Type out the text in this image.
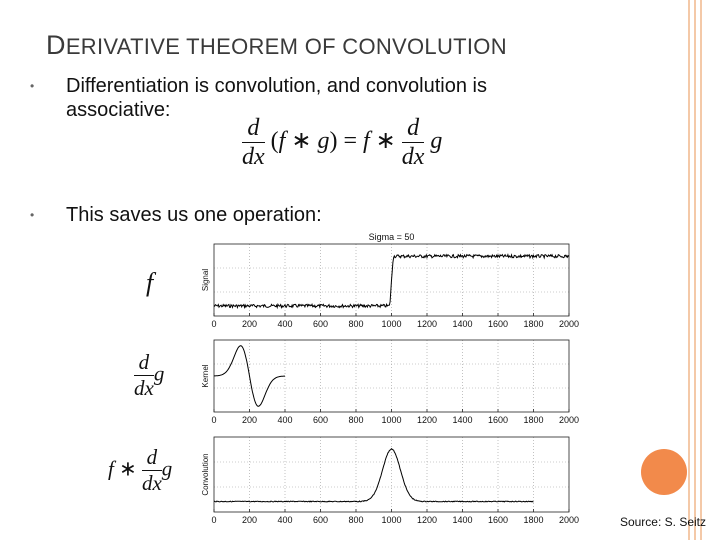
DERIVATIVE THEOREM OF CONVOLUTION
• Differentiation is convolution, and convolution is
associative:
$\frac{d}{dx} (f$ ∗ g) = f ∗ $\frac{d}{dx}$ g
• This saves us one operation:
f
$\frac{d}{dx}$ g
f ∗ $\frac{d}{dx}$ g
0	200 400 600 800 1000 1200 1400 1600 1800 2000
Signal
Sigma = 50
0	200 400 600 800 1000 1200 1400 1600 1800 2000
Kernel
0	200 400 600 800 1000 1200 1400 1600 1800 2000
Convolution
Source: S. Seitz
